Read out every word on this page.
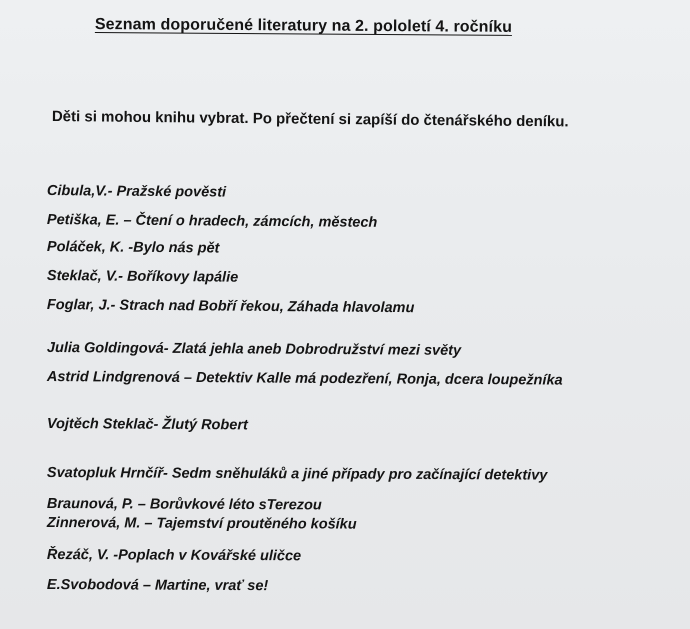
Seznam doporučené literatury na 2. pololetí 4. ročníku
Děti si mohou knihu vybrat. Po přečtení si zapíší do čtenářského deníku.
Cibula,V.- Pražské pověsti
Petiška, E. – Čtení o hradech, zámcích, městech
Poláček, K. -Bylo nás pět
Steklač, V.- Boříkovy lapálie
Foglar, J.- Strach nad Bobří řekou, Záhada hlavolamu
Julia Goldingová- Zlatá jehla aneb Dobrodružství mezi světy
Astrid Lindgrenová – Detektiv Kalle má podezření, Ronja, dcera loupežníka
Vojtěch Steklač- Žlutý Robert
Svatopluk Hrnčíř- Sedm sněhuláků a jiné případy pro začínající detektivy
Braunová, P. – Borůvkové léto sTerezou
Zinnerová, M. – Tajemství proutěného košíku
Řezáč, V. -Poplach v Kovářské uličce
E.Svobodová – Martine, vrať se!
